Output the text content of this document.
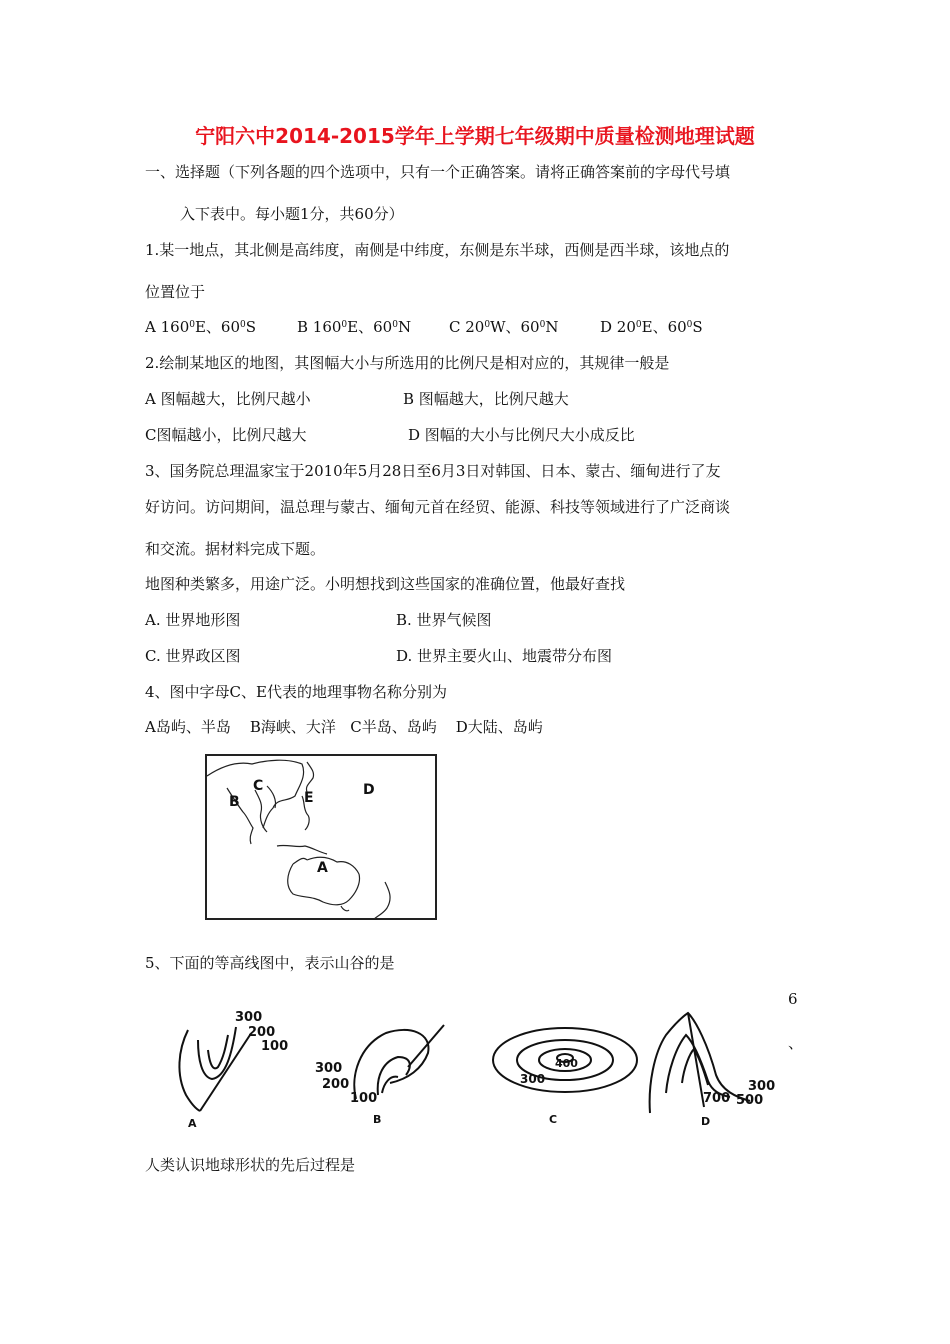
宁阳六中2014-2015学年上学期七年级期中质量检测地理试题
一、选择题（下列各题的四个选项中，只有一个正确答案。请将正确答案前的字母代号填
入下表中。每小题1分，共60分）
1.某一地点，其北侧是高纬度，南侧是中纬度，东侧是东半球，西侧是西半球，该地点的
位置位于
A $160^0E$、$60^0S$	B $160^0E$、$60^0N$	C $20^0W$、$60^0N$	D $20^0E$、$60^0S$
2.绘制某地区的地图，其图幅大小与所选用的比例尺是相对应的，其规律一般是
A 图幅越大，比例尺越小	B 图幅越大，比例尺越大
C图幅越小，比例尺越大	D 图幅的大小与比例尺大小成反比
3、国务院总理温家宝于2010年5月28日至6月3日对韩国、日本、蒙古、缅甸进行了友
好访问。访问期间，温总理与蒙古、缅甸元首在经贸、能源、科技等领域进行了广泛商谈
和交流。据材料完成下题。
地图种类繁多，用途广泛。小明想找到这些国家的准确位置，他最好查找
A. 世界地形图	B. 世界气候图
C. 世界政区图	D. 世界主要火山、地震带分布图
4、图中字母C、E代表的地理事物名称分别为
A岛屿、半岛    B海峡、大洋   C半岛、岛屿    D大陆、岛屿
B
C
E	D
A
5、下面的等高线图中，表示山谷的是
6
、
300
200
100
A
300
200
100
B
300
400
C
700
300
500
D
人类认识地球形状的先后过程是
